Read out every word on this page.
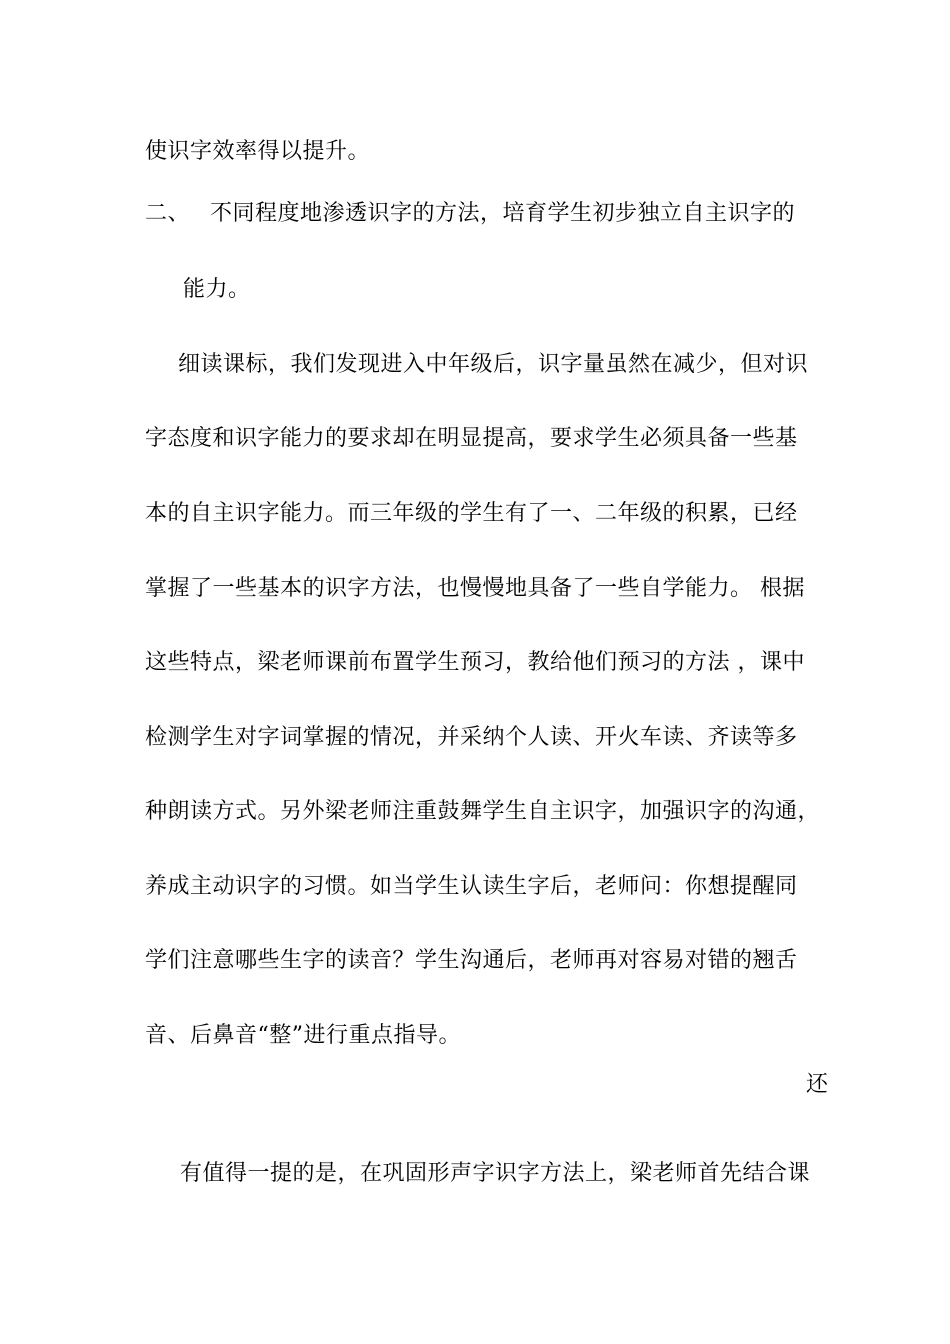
使识字效率得以提升。
二、 不同程度地渗透识字的方法，培育学生初步独立自主识字的
能力。
细读课标，我们发现进入中年级后，识字量虽然在减少，但对识
字态度和识字能力的要求却在明显提高，要求学生必须具备一些基
本的自主识字能力。而三年级的学生有了一、二年级的积累，已经
掌握了一些基本的识字方法，也慢慢地具备了一些自学能力。 根据
这些特点，梁老师课前布置学生预习，教给他们预习的方法 ，课中
检测学生对字词掌握的情况，并采纳个人读、开火车读、齐读等多
种朗读方式。另外梁老师注重鼓舞学生自主识字，加强识字的沟通，
养成主动识字的习惯。如当学生认读生字后，老师问：你想提醒同
学们注意哪些生字的读音？学生沟通后，老师再对容易对错的翘舌
音、后鼻音“整”进行重点指导。
还
有值得一提的是，在巩固形声字识字方法上，梁老师首先结合课
